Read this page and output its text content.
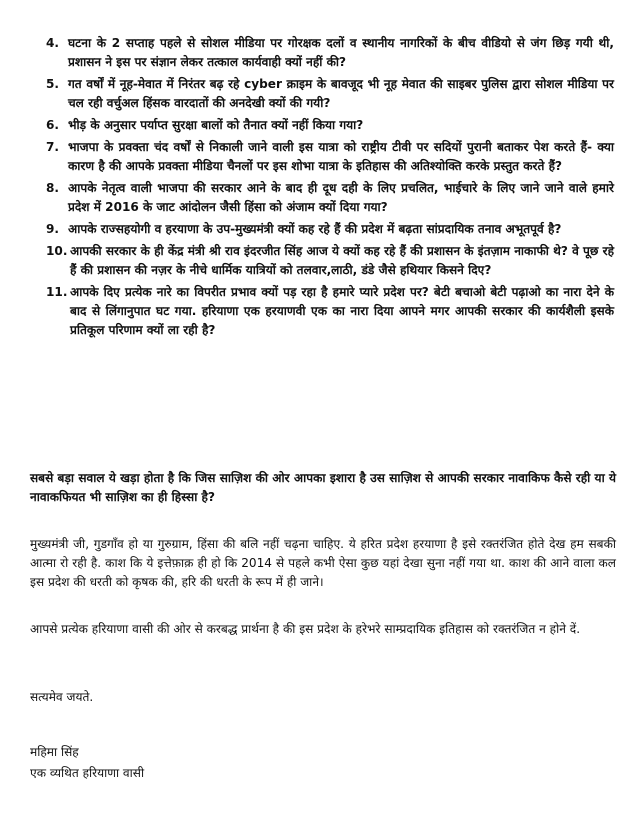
4. घटना के 2 सप्ताह पहले से सोशल मीडिया पर गोरक्षक दलों व स्थानीय नागरिकों के बीच वीडियो से जंग छिड़ गयी थी, प्रशासन ने इस पर संज्ञान लेकर तत्काल कार्यवाही क्यों नहीं की?
5. गत वर्षों में नूह-मेवात में निरंतर बढ़ रहे cyber क्राइम के बावजूद भी नूह मेवात की साइबर पुलिस द्वारा सोशल मीडिया पर चल रही वर्चुअल हिंसक वारदातों की अनदेखी क्यों की गयी?
6. भीड़ के अनुसार पर्याप्त सुरक्षा बालों को तैनात क्यों नहीं किया गया?
7. भाजपा के प्रवक्ता चंद वर्षों से निकाली जाने वाली इस यात्रा को राष्ट्रीय टीवी पर सदियों पुरानी बताकर पेश करते हैं- क्या कारण है की आपके प्रवक्ता मीडिया चैनलों पर इस शोभा यात्रा के इतिहास की अतिश्योक्ति करके प्रस्तुत करते हैं?
8. आपके नेतृत्व वाली भाजपा की सरकार आने के बाद ही दूध दही के लिए प्रचलित, भाईचारे के लिए जाने जाने वाले हमारे प्रदेश में 2016 के जाट आंदोलन जैसी हिंसा को अंजाम क्यों दिया गया?
9. आपके राज्सहयोगी व हरयाणा के उप-मुख्यमंत्री क्यों कह रहे हैं की प्रदेश में बढ़ता सांप्रदायिक तनाव अभूतपूर्व है?
10. आपकी सरकार के ही केंद्र मंत्री श्री राव इंदरजीत सिंह आज ये क्यों कह रहे हैं की प्रशासन के इंतज़ाम नाकाफी थे? वे पूछ रहे हैं की प्रशासन की नज़र के नीचे धार्मिक यात्रियों को तलवार,लाठी, डंडे जैसे हथियार किसने दिए?
11. आपके दिए प्रत्येक नारे का विपरीत प्रभाव क्यों पड़ रहा है हमारे प्यारे प्रदेश पर? बेटी बचाओ बेटी पढ़ाओ का नारा देने के बाद से लिंगानुपात घट गया. हरियाणा एक हरयाणवी एक का नारा दिया आपने मगर आपकी सरकार की कार्यशैली इसके प्रतिकूल परिणाम क्यों ला रही है?

सबसे बड़ा सवाल ये खड़ा होता है कि जिस साज़िश की ओर आपका इशारा है उस साज़िश से आपकी सरकार नावाकिफ कैसे रही या ये नावाकफियत भी साज़िश का ही हिस्सा है?

मुख्यमंत्री जी, गुडगाँव हो या गुरुग्राम, हिंसा की बलि नहीं चढ़ना चाहिए. ये हरित प्रदेश हरयाणा है इसे रक्तरंजित होते देख हम सबकी आत्मा रो रही है. काश कि ये इत्तेफ़ाक़ ही हो कि 2014 से पहले कभी ऐसा कुछ यहां देखा सुना नहीं गया था. काश की आने वाला कल इस प्रदेश की धरती को कृषक की, हरि की धरती के रूप में ही जाने।

आपसे प्रत्येक हरियाणा वासी की ओर से करबद्ध प्रार्थना है की इस प्रदेश के हरेभरे साम्प्रदायिक इतिहास को रक्तरंजित न होने दें.

सत्यमेव जयते.

महिमा सिंह

एक व्यथित हरियाणा वासी
